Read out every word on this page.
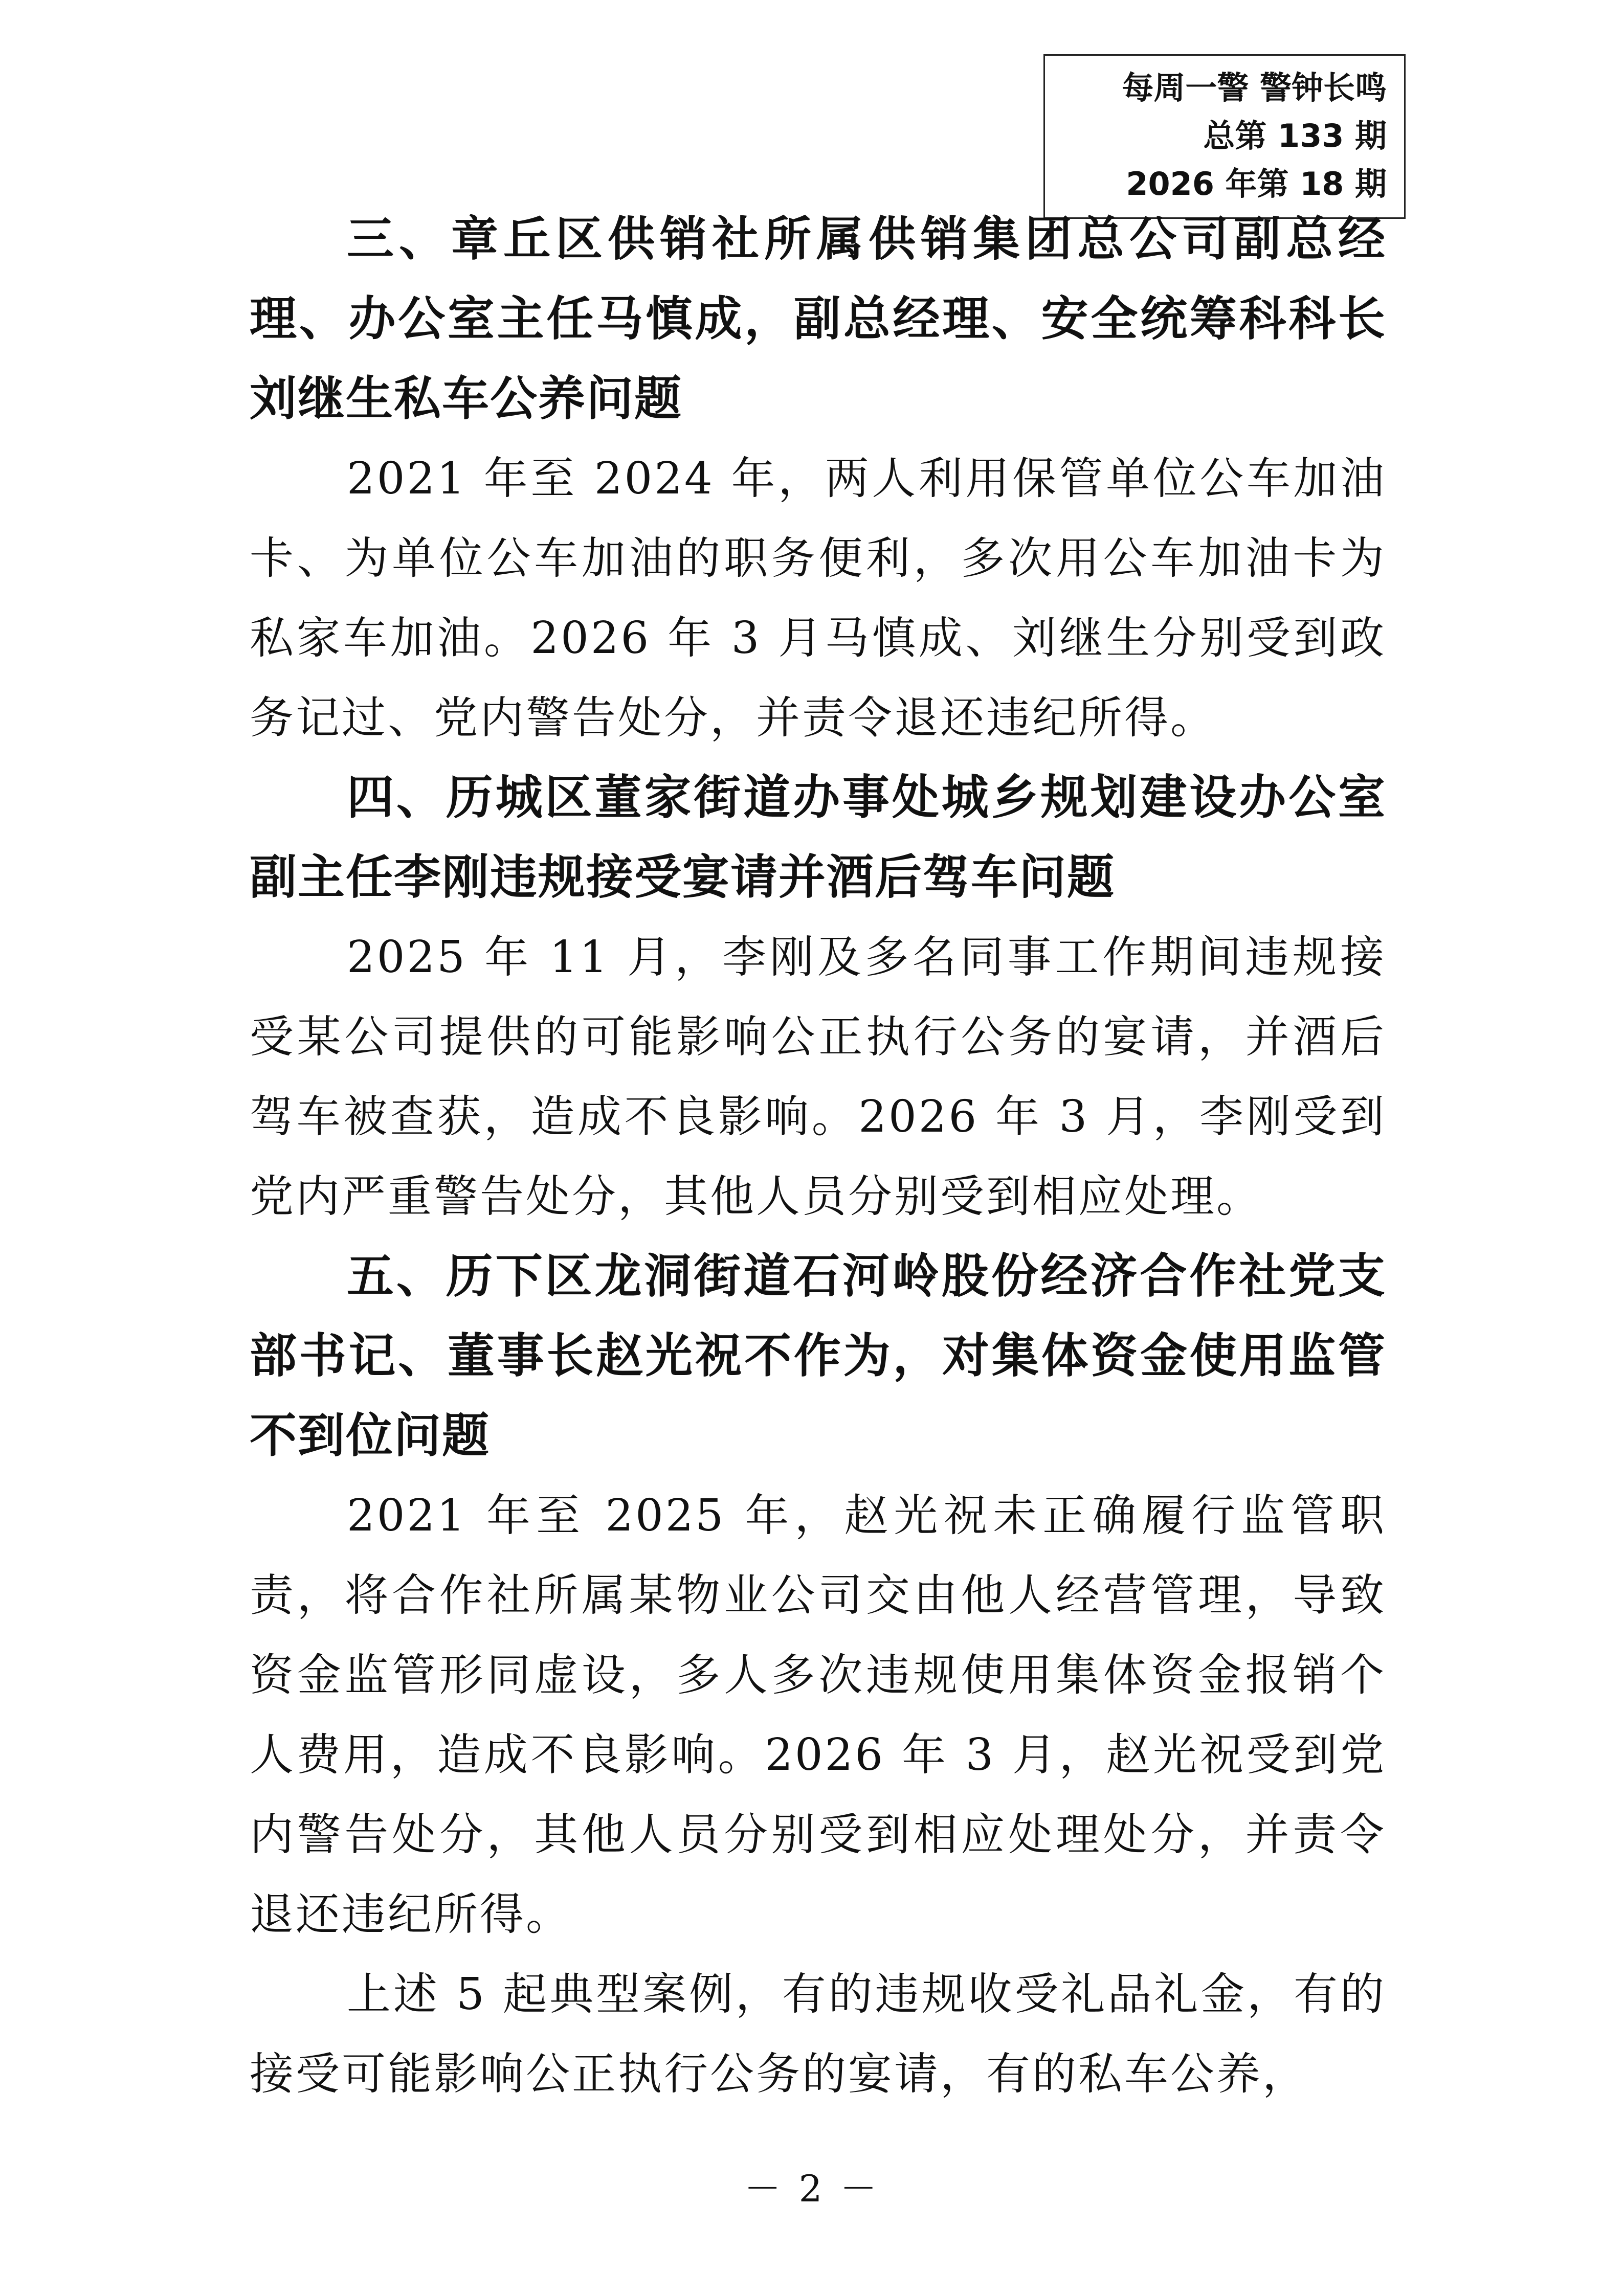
每周一警 警钟长鸣
总第 133 期
2026 年第 18 期

三、章丘区供销社所属供销集团总公司副总经理、办公室主任马慎成，副总经理、安全统筹科科长刘继生私车公养问题

2021 年至 2024 年，两人利用保管单位公车加油卡、为单位公车加油的职务便利，多次用公车加油卡为私家车加油。2026 年 3 月马慎成、刘继生分别受到政务记过、党内警告处分，并责令退还违纪所得。

四、历城区董家街道办事处城乡规划建设办公室副主任李刚违规接受宴请并酒后驾车问题

2025 年 11 月，李刚及多名同事工作期间违规接受某公司提供的可能影响公正执行公务的宴请，并酒后驾车被查获，造成不良影响。2026 年 3 月，李刚受到党内严重警告处分，其他人员分别受到相应处理。

五、历下区龙洞街道石河岭股份经济合作社党支部书记、董事长赵光祝不作为，对集体资金使用监管不到位问题

2021 年至 2025 年，赵光祝未正确履行监管职责，将合作社所属某物业公司交由他人经营管理，导致资金监管形同虚设，多人多次违规使用集体资金报销个人费用，造成不良影响。2026 年 3 月，赵光祝受到党内警告处分，其他人员分别受到相应处理处分，并责令退还违纪所得。

上述 5 起典型案例，有的违规收受礼品礼金，有的接受可能影响公正执行公务的宴请，有的私车公养，

－ 2 －
